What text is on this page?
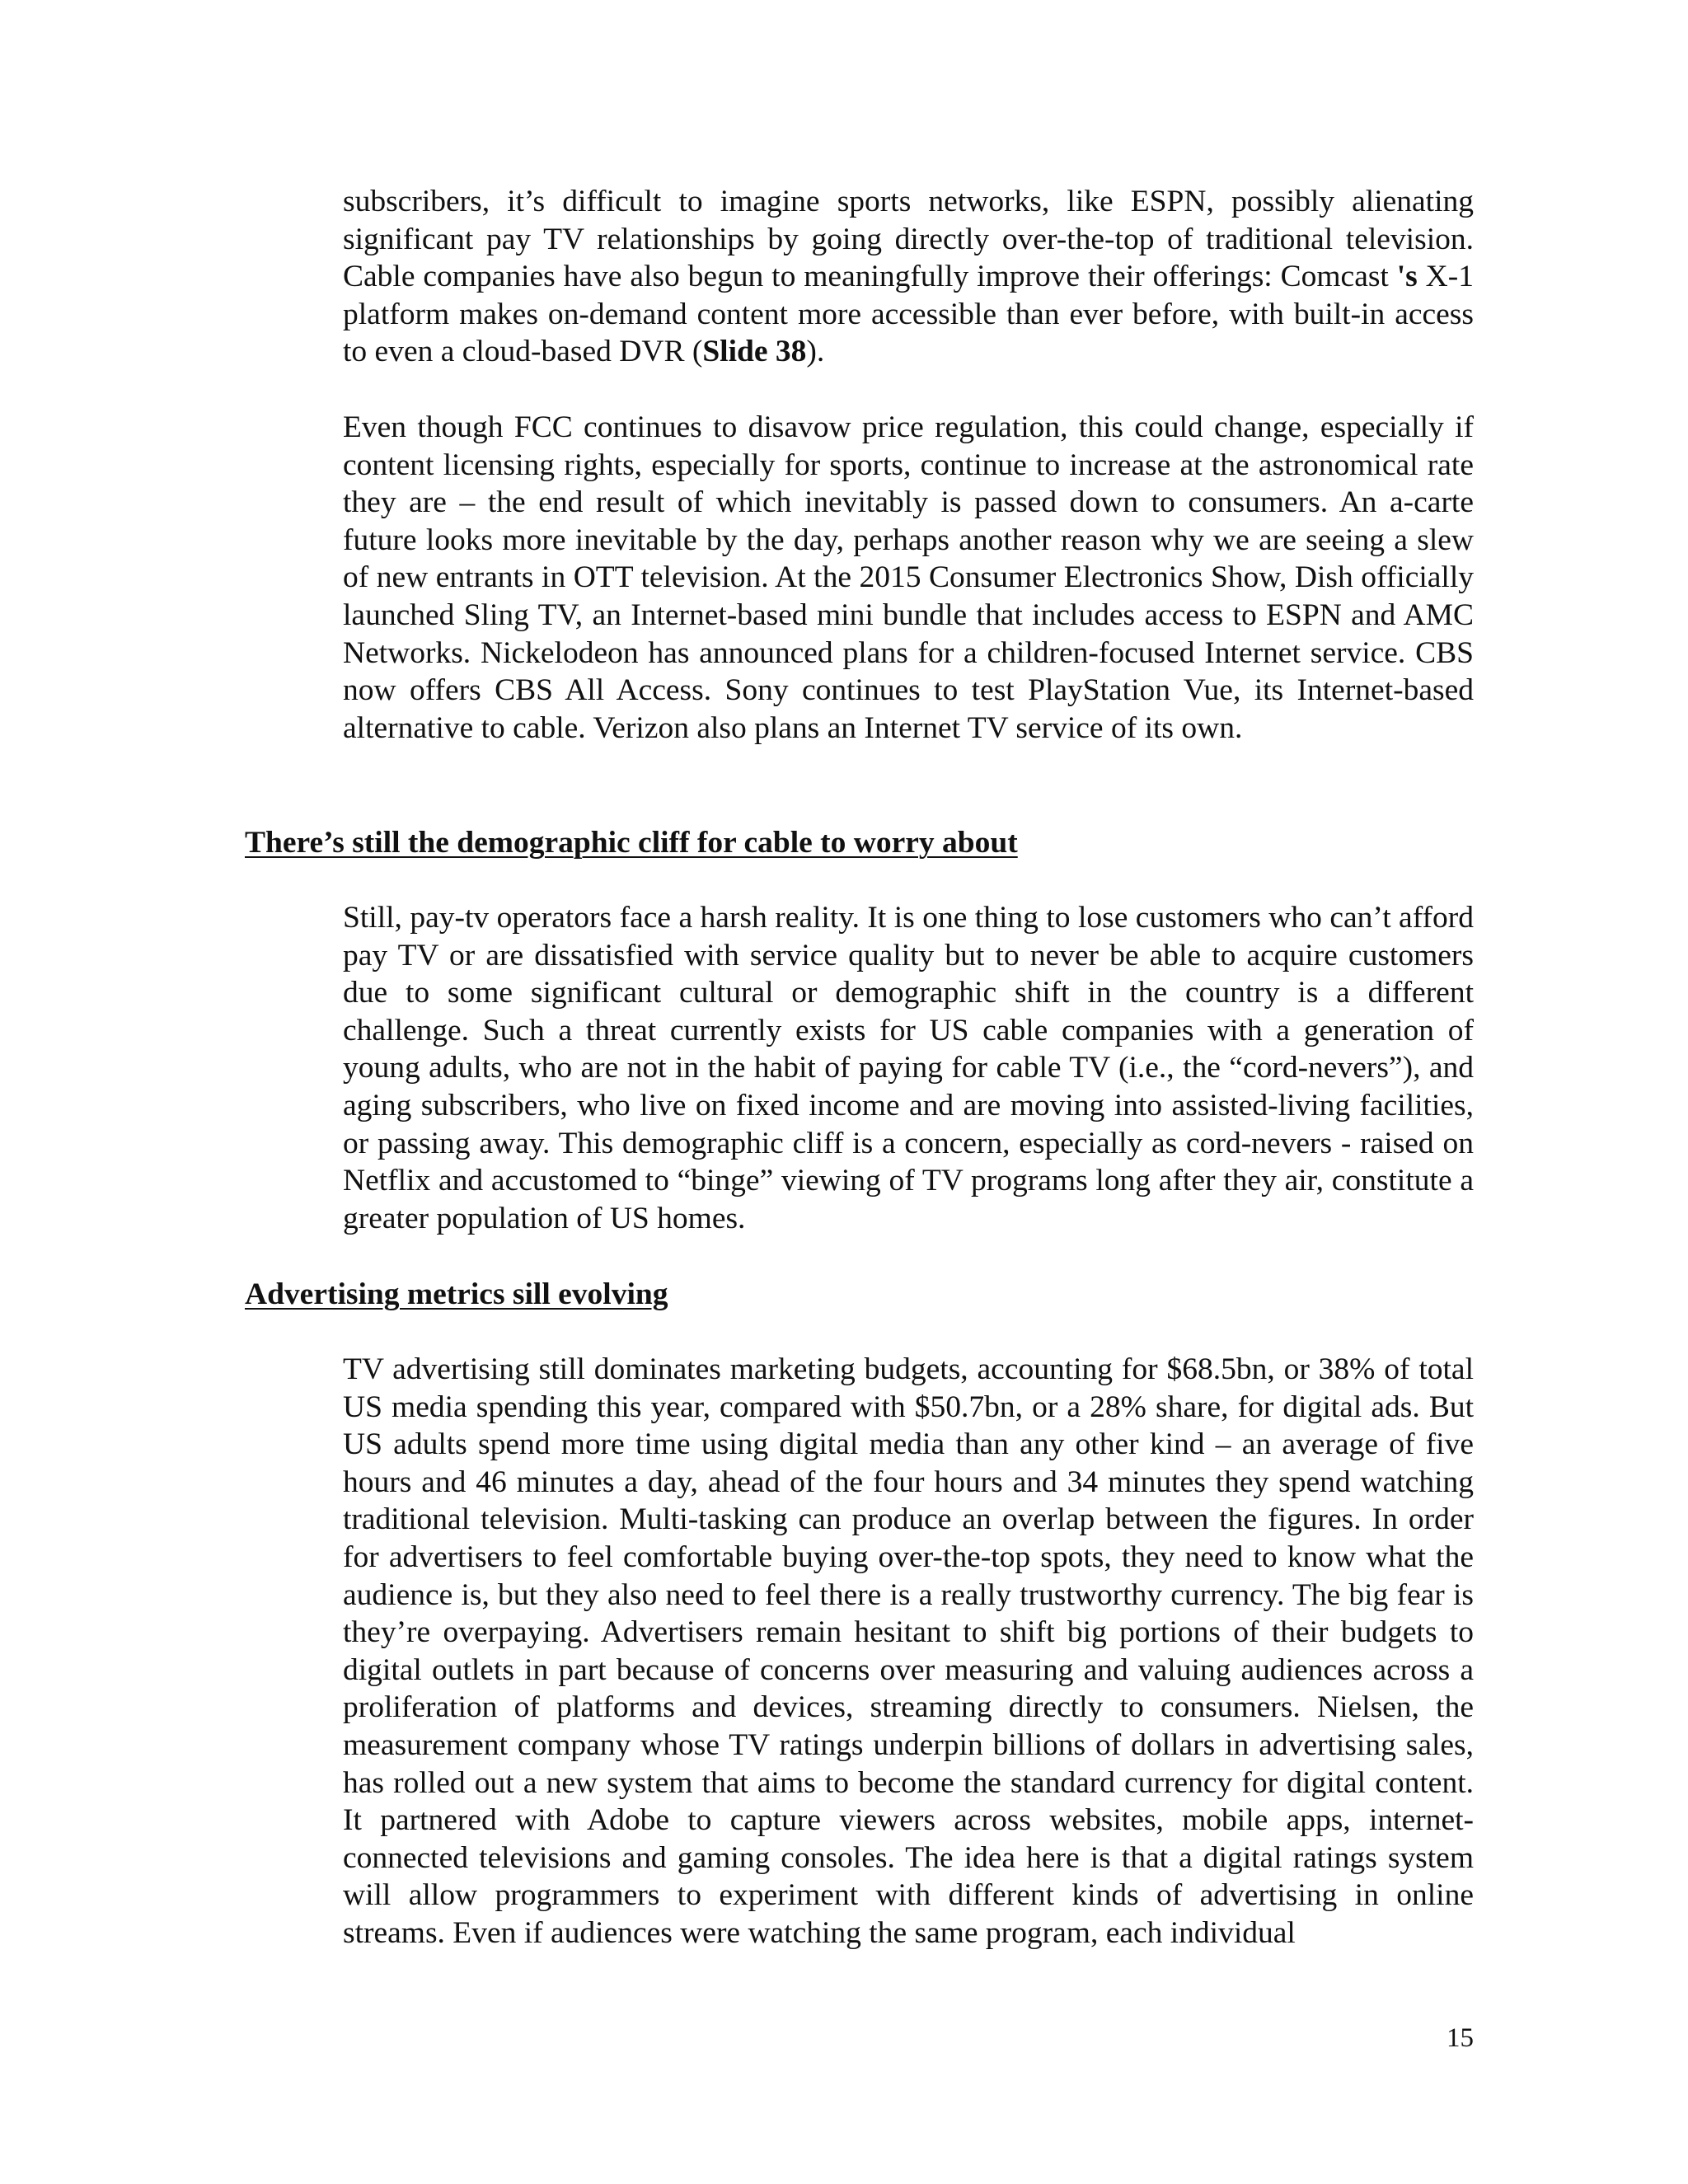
subscribers, it’s difficult to imagine sports networks, like ESPN, possibly alienating significant pay TV relationships by going directly over-the-top of traditional television. Cable companies have also begun to meaningfully improve their offerings: Comcast 's X-1 platform makes on-demand content more accessible than ever before, with built-in access to even a cloud-based DVR (Slide 38).

Even though FCC continues to disavow price regulation, this could change, especially if content licensing rights, especially for sports, continue to increase at the astronomical rate they are – the end result of which inevitably is passed down to consumers. An a-carte future looks more inevitable by the day, perhaps another reason why we are seeing a slew of new entrants in OTT television. At the 2015 Consumer Electronics Show, Dish officially launched Sling TV, an Internet-based mini bundle that includes access to ESPN and AMC Networks. Nickelodeon has announced plans for a children-focused Internet service. CBS now offers CBS All Access. Sony continues to test PlayStation Vue, its Internet-based alternative to cable. Verizon also plans an Internet TV service of its own.

There’s still the demographic cliff for cable to worry about

Still, pay-tv operators face a harsh reality. It is one thing to lose customers who can’t afford pay TV or are dissatisfied with service quality but to never be able to acquire customers due to some significant cultural or demographic shift in the country is a different challenge. Such a threat currently exists for US cable companies with a generation of young adults, who are not in the habit of paying for cable TV (i.e., the “cord-nevers”), and aging subscribers, who live on fixed income and are moving into assisted-living facilities, or passing away. This demographic cliff is a concern, especially as cord-nevers - raised on Netflix and accustomed to “binge” viewing of TV programs long after they air, constitute a greater population of US homes.

Advertising metrics sill evolving

TV advertising still dominates marketing budgets, accounting for $68.5bn, or 38% of total US media spending this year, compared with $50.7bn, or a 28% share, for digital ads. But US adults spend more time using digital media than any other kind – an average of five hours and 46 minutes a day, ahead of the four hours and 34 minutes they spend watching traditional television. Multi-tasking can produce an overlap between the figures. In order for advertisers to feel comfortable buying over-the-top spots, they need to know what the audience is, but they also need to feel there is a really trustworthy currency. The big fear is they’re overpaying. Advertisers remain hesitant to shift big portions of their budgets to digital outlets in part because of concerns over measuring and valuing audiences across a proliferation of platforms and devices, streaming directly to consumers. Nielsen, the measurement company whose TV ratings underpin billions of dollars in advertising sales, has rolled out a new system that aims to become the standard currency for digital content. It partnered with Adobe to capture viewers across websites, mobile apps, internet-connected televisions and gaming consoles. The idea here is that a digital ratings system will allow programmers to experiment with different kinds of advertising in online streams. Even if audiences were watching the same program, each individual

15
